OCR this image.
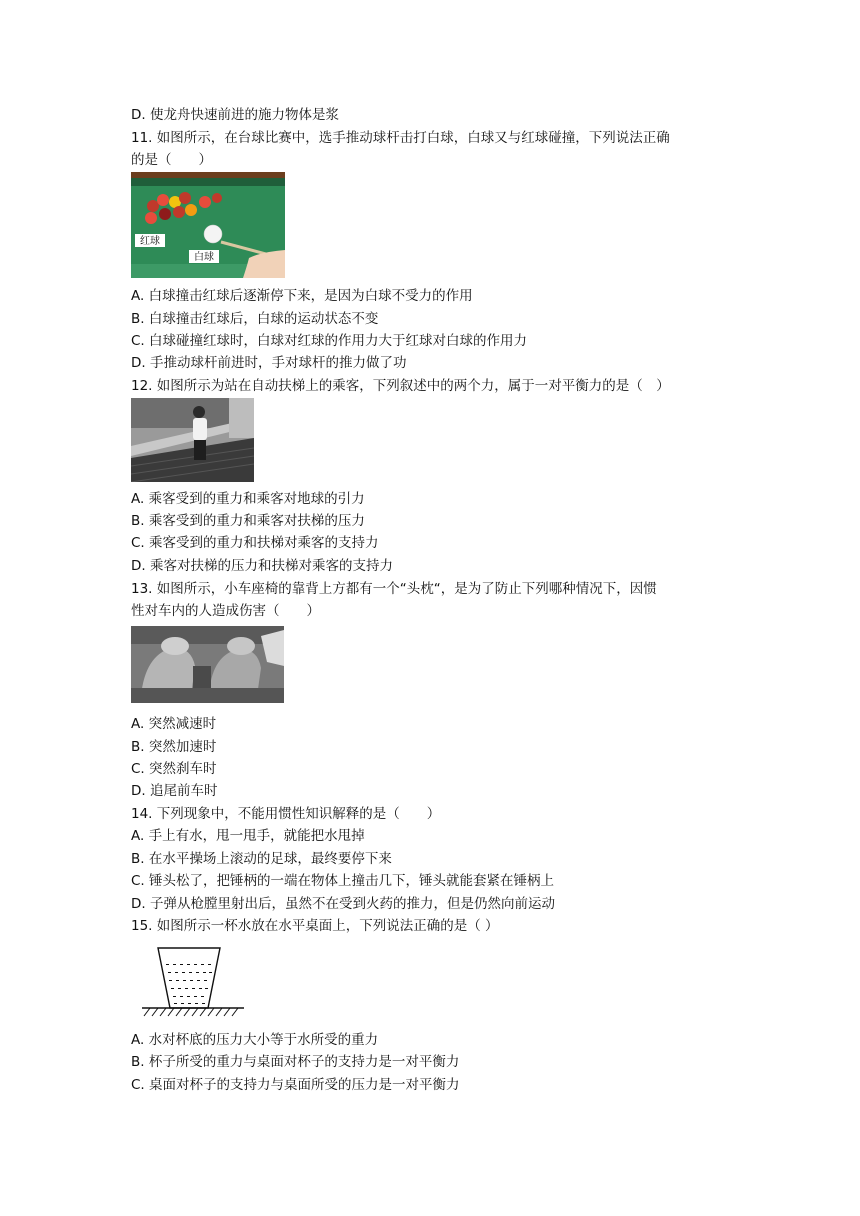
D. 使龙舟快速前进的施力物体是浆
11. 如图所示，在台球比赛中，选手推动球杆击打白球，白球又与红球碰撞，下列说法正确
的是（　　）
红球
白球
A. 白球撞击红球后逐渐停下来，是因为白球不受力的作用
B. 白球撞击红球后，白球的运动状态不变
C. 白球碰撞红球时，白球对红球的作用力大于红球对白球的作用力
D. 手推动球杆前进时，手对球杆的推力做了功
12. 如图所示为站在自动扶梯上的乘客，下列叙述中的两个力，属于一对平衡力的是（　）
A. 乘客受到的重力和乘客对地球的引力
B. 乘客受到的重力和乘客对扶梯的压力
C. 乘客受到的重力和扶梯对乘客的支持力
D. 乘客对扶梯的压力和扶梯对乘客的支持力
13. 如图所示，小车座椅的靠背上方都有一个“头枕“，是为了防止下列哪种情况下，因惯
性对车内的人造成伤害（　　）
A. 突然减速时
B. 突然加速时
C. 突然刹车时
D. 追尾前车时
14. 下列现象中，不能用惯性知识解释的是（　　）
A. 手上有水，甩一甩手，就能把水甩掉
B. 在水平操场上滚动的足球，最终要停下来
C. 锤头松了，把锤柄的一端在物体上撞击几下，锤头就能套紧在锤柄上
D. 子弹从枪膛里射出后，虽然不在受到火药的推力，但是仍然向前运动
15. 如图所示一杯水放在水平桌面上，下列说法正确的是（ ）
A. 水对杯底的压力大小等于水所受的重力
B. 杯子所受的重力与桌面对杯子的支持力是一对平衡力
C. 桌面对杯子的支持力与桌面所受的压力是一对平衡力
